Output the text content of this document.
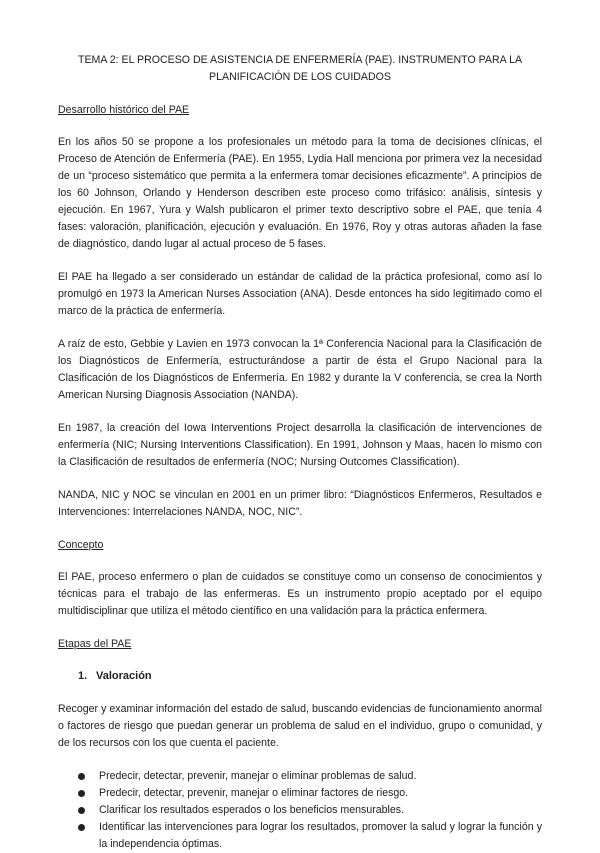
TEMA 2: EL PROCESO DE ASISTENCIA DE ENFERMERÍA (PAE). INSTRUMENTO PARA LA PLANIFICACIÓN DE LOS CUIDADOS
Desarrollo histórico del PAE

En los años 50 se propone a los profesionales un método para la toma de decisiones clínicas, el Proceso de Atención de Enfermería (PAE). En 1955, Lydia Hall menciona por primera vez la necesidad de un “proceso sistemático que permita a la enfermera tomar decisiones eficazmente”. A principios de los 60 Johnson, Orlando y Henderson describen este proceso como trifásico: análisis, síntesis y ejecución. En 1967, Yura y Walsh publicaron el primer texto descriptivo sobre el PAE, que tenía 4 fases: valoración, planificación, ejecución y evaluación. En 1976, Roy y otras autoras añaden la fase de diagnóstico, dando lugar al actual proceso de 5 fases.

El PAE ha llegado a ser considerado un estándar de calidad de la práctica profesional, como así lo promulgó en 1973 la American Nurses Association (ANA). Desde entonces ha sido legitimado como el marco de la práctica de enfermería.

A raíz de esto, Gebbie y Lavien en 1973 convocan la 1ª Conferencia Nacional para la Clasificación de los Diagnósticos de Enfermería, estructurándose a partir de ésta el Grupo Nacional para la Clasificación de los Diagnósticos de Enfermería. En 1982 y durante la V conferencia, se crea la North American Nursing Diagnosis Association (NANDA).

En 1987, la creación del Iowa Interventions Project desarrolla la clasificación de intervenciones de enfermería (NIC; Nursing Interventions Classification). En 1991, Johnson y Maas, hacen lo mismo con la Clasificación de resultados de enfermería (NOC; Nursing Outcomes Classification).

NANDA, NIC y NOC se vinculan en 2001 en un primer libro: “Diagnósticos Enfermeros, Resultados e Intervenciones: Interrelaciones NANDA, NOC, NIC”.

Concepto

El PAE, proceso enfermero o plan de cuidados se constituye como un consenso de conocimientos y técnicas para el trabajo de las enfermeras. Es un instrumento propio aceptado por el equipo multidisciplinar que utiliza el método científico en una validación para la práctica enfermera.

Etapas del PAE
1. Valoración

Recoger y examinar información del estado de salud, buscando evidencias de funcionamiento anormal o factores de riesgo que puedan generar un problema de salud en el individuo, grupo o comunidad, y de los recursos con los que cuenta el paciente.

Predecir, detectar, prevenir, manejar o eliminar problemas de salud.
Predecir, detectar, prevenir, manejar o eliminar factores de riesgo.
Clarificar los resultados esperados o los beneficios mensurables.
Identificar las intervenciones para lograr los resultados, promover la salud y lograr la función y la independencia óptimas.
